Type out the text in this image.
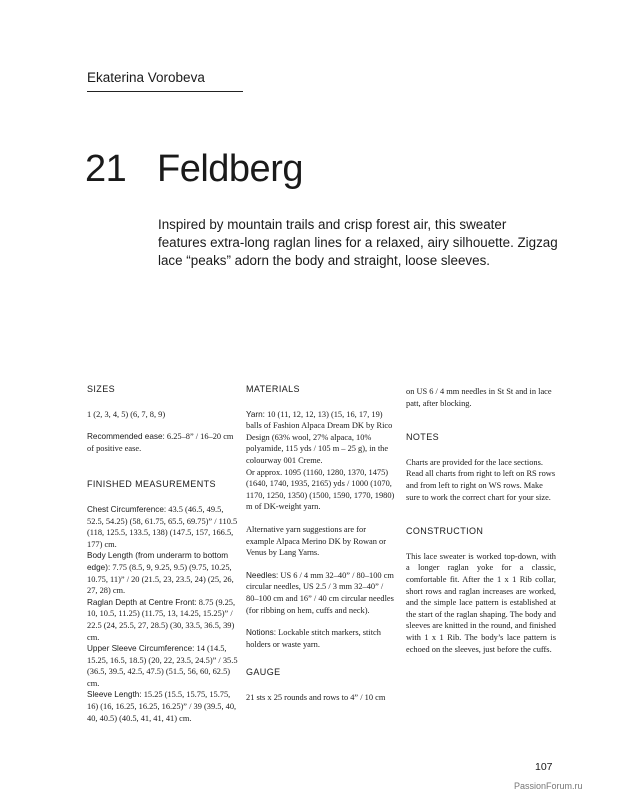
Ekaterina Vorobeva
21 Feldberg
Inspired by mountain trails and crisp forest air, this sweater features extra-long raglan lines for a relaxed, airy silhouette. Zigzag lace “peaks” adorn the body and straight, loose sleeves.
SIZES
1 (2, 3, 4, 5) (6, 7, 8, 9)
Recommended ease: 6.25–8” / 16–20 cm of positive ease.
FINISHED MEASUREMENTS
Chest Circumference: 43.5 (46.5, 49.5, 52.5, 54.25) (58, 61.75, 65.5, 69.75)” / 110.5 (118, 125.5, 133.5, 138) (147.5, 157, 166.5, 177) cm.
Body Length (from underarm to bottom edge): 7.75 (8.5, 9, 9.25, 9.5) (9.75, 10.25, 10.75, 11)” / 20 (21.5, 23, 23.5, 24) (25, 26, 27, 28) cm.
Raglan Depth at Centre Front: 8.75 (9.25, 10, 10.5, 11.25) (11.75, 13, 14.25, 15.25)” / 22.5 (24, 25.5, 27, 28.5) (30, 33.5, 36.5, 39) cm.
Upper Sleeve Circumference: 14 (14.5, 15.25, 16.5, 18.5) (20, 22, 23.5, 24.5)” / 35.5 (36.5, 39.5, 42.5, 47.5) (51.5, 56, 60, 62.5) cm.
Sleeve Length: 15.25 (15.5, 15.75, 15.75, 16) (16, 16.25, 16.25, 16.25)” / 39 (39.5, 40, 40, 40.5) (40.5, 41, 41, 41) cm.
MATERIALS
Yarn: 10 (11, 12, 12, 13) (15, 16, 17, 19) balls of Fashion Alpaca Dream DK by Rico Design (63% wool, 27% alpaca, 10% polyamide, 115 yds / 105 m – 25 g), in the colourway 001 Creme.
Or approx. 1095 (1160, 1280, 1370, 1475) (1640, 1740, 1935, 2165) yds / 1000 (1070, 1170, 1250, 1350) (1500, 1590, 1770, 1980) m of DK-weight yarn.
Alternative yarn suggestions are for example Alpaca Merino DK by Rowan or Venus by Lang Yarns.
Needles: US 6 / 4 mm 32–40” / 80–100 cm circular needles, US 2.5 / 3 mm 32–40” / 80–100 cm and 16” / 40 cm circular needles (for ribbing on hem, cuffs and neck).
Notions: Lockable stitch markers, stitch holders or waste yarn.
GAUGE
21 sts x 25 rounds and rows to 4” / 10 cm
on US 6 / 4 mm needles in St St and in lace patt, after blocking.
NOTES
Charts are provided for the lace sections. Read all charts from right to left on RS rows and from left to right on WS rows. Make sure to work the correct chart for your size.
CONSTRUCTION
This lace sweater is worked top-down, with a longer raglan yoke for a classic, comfortable fit. After the 1 x 1 Rib collar, short rows and raglan increases are worked, and the simple lace pattern is established at the start of the raglan shaping. The body and sleeves are knitted in the round, and finished with 1 x 1 Rib. The body’s lace pattern is echoed on the sleeves, just before the cuffs.
107
PassionForum.ru
